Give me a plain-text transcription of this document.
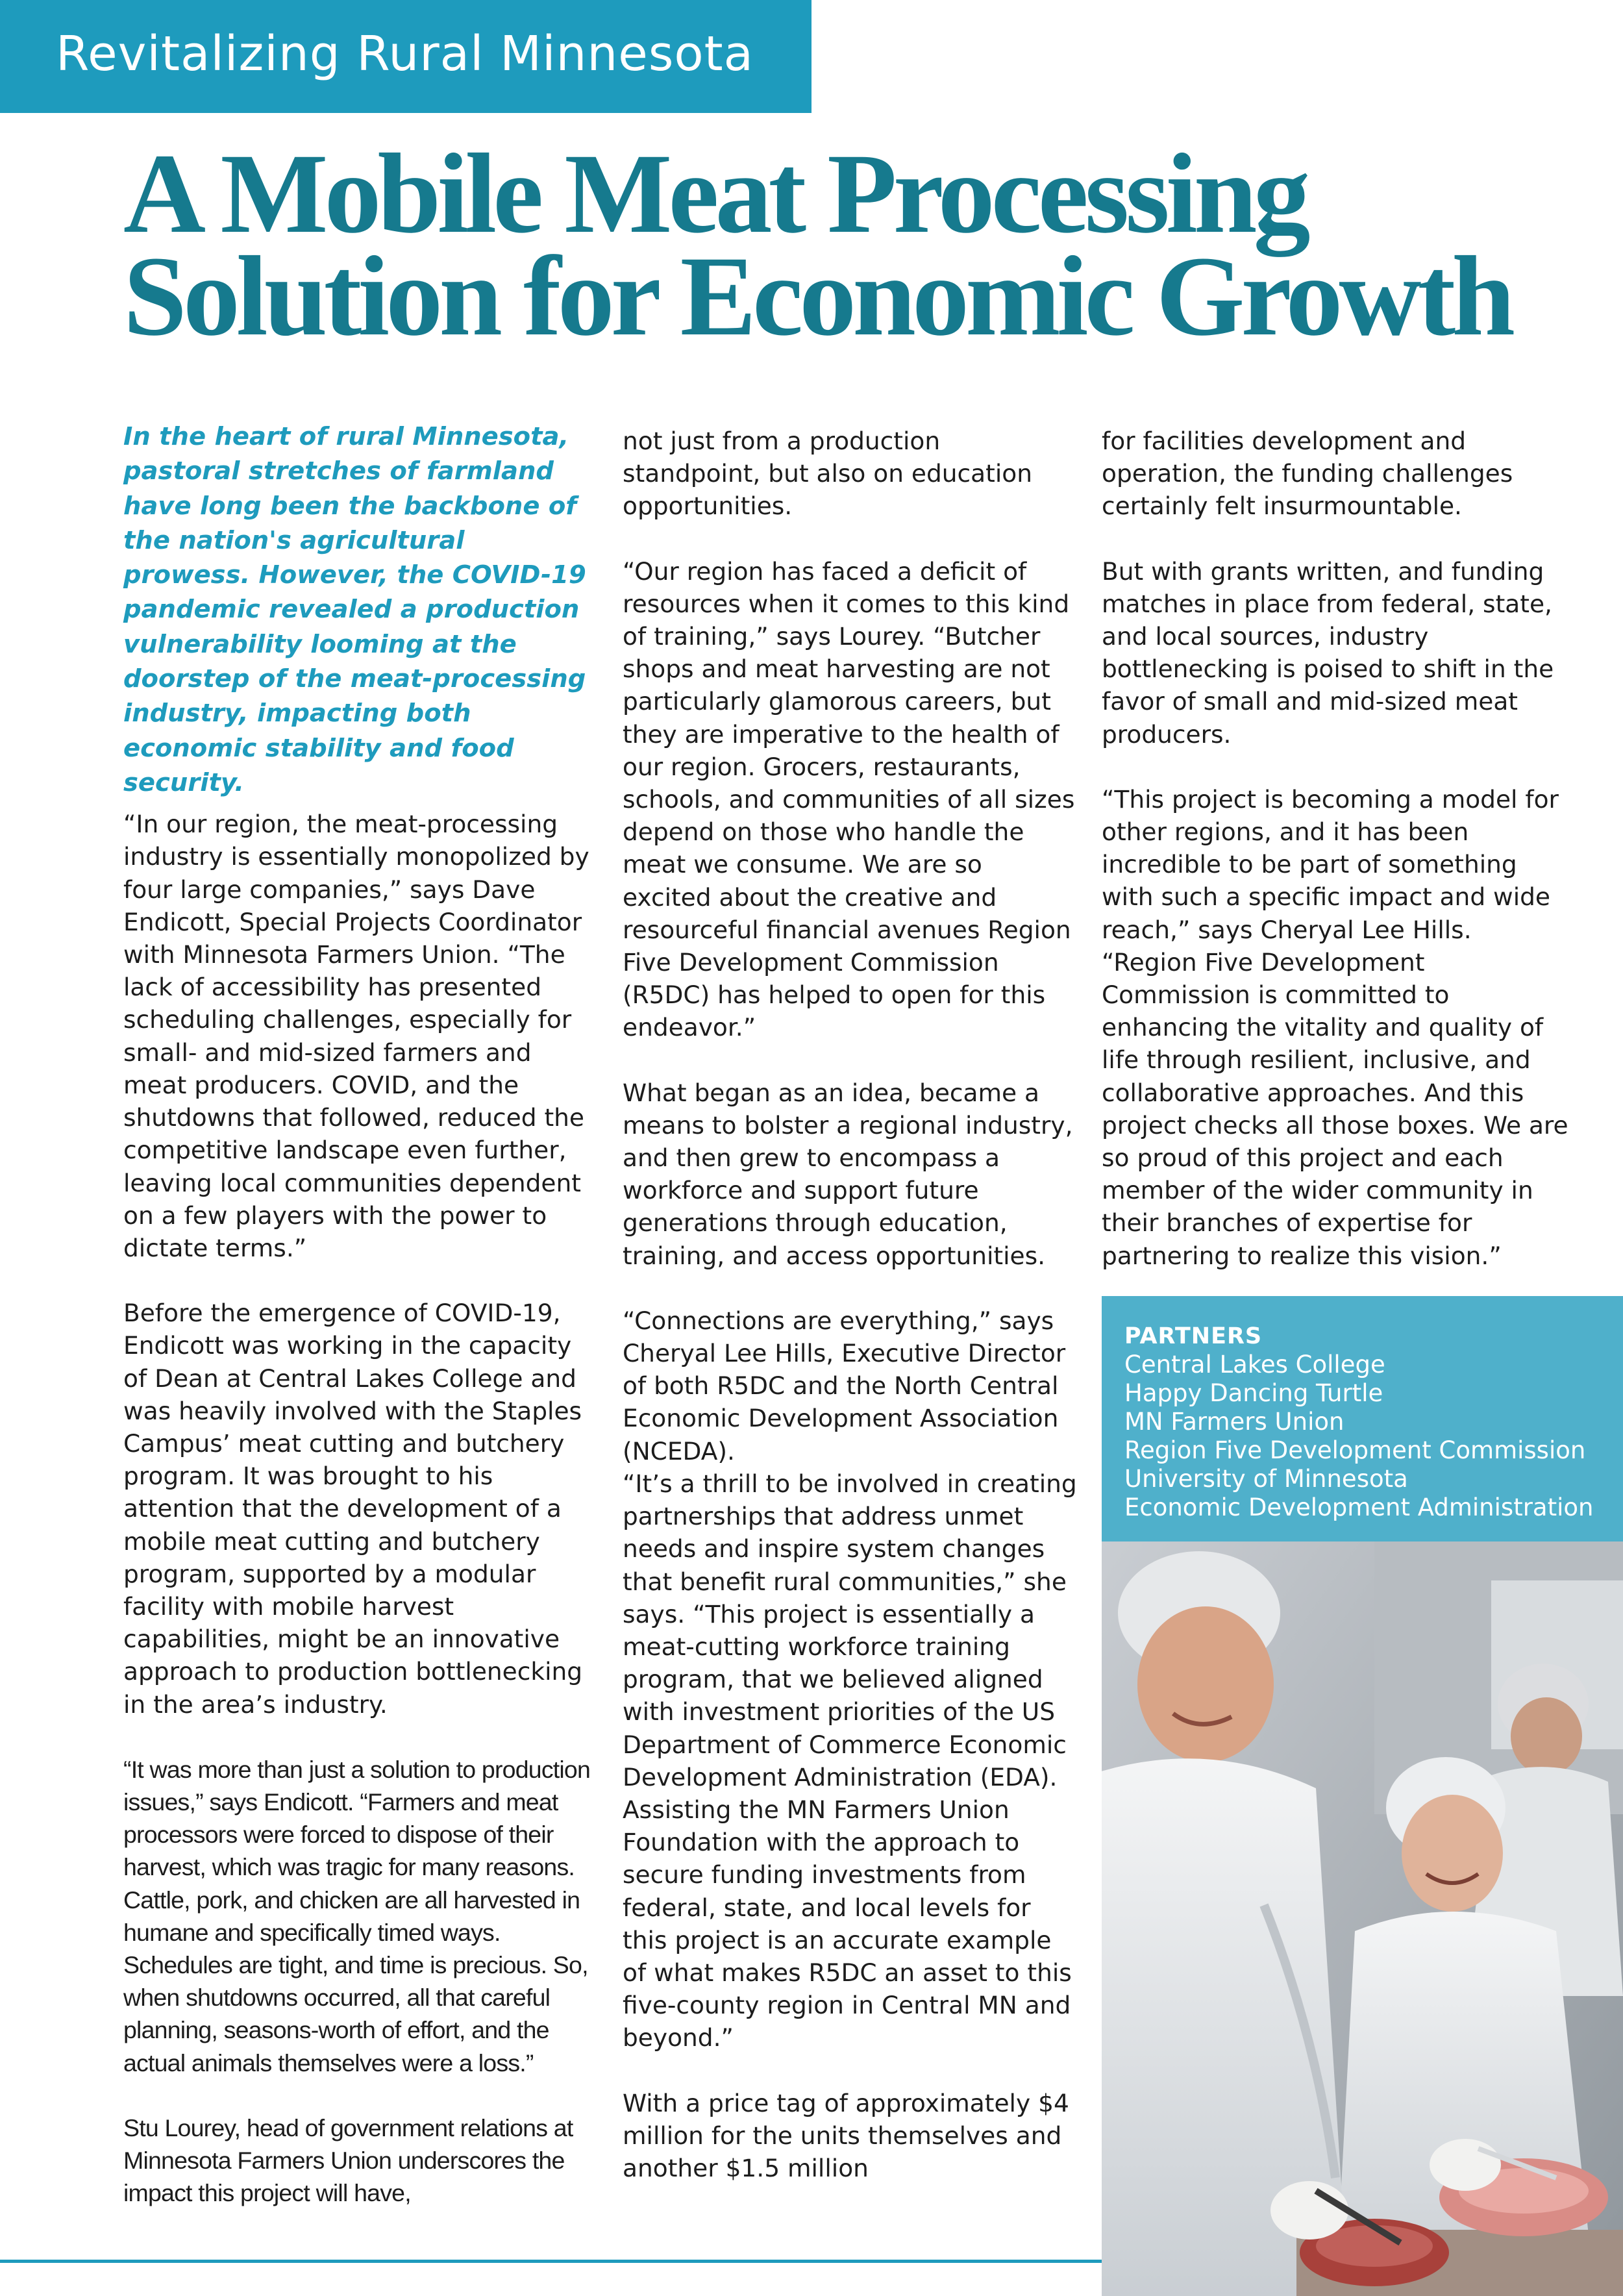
Revitalizing Rural Minnesota
A Mobile Meat Processing
Solution for Economic Growth

In the heart of rural Minnesota, pastoral stretches of farmland have long been the backbone of the nation's agricultural prowess. However, the COVID-19 pandemic revealed a production vulnerability looming at the doorstep of the meat-processing industry, impacting both economic stability and food security.

“In our region, the meat-processing industry is essentially monopolized by four large companies,” says Dave Endicott, Special Projects Coordinator with Minnesota Farmers Union. “The lack of accessibility has presented scheduling challenges, especially for small- and mid-sized farmers and meat producers. COVID, and the shutdowns that followed, reduced the competitive landscape even further, leaving local communities dependent on a few players with the power to dictate terms.”

Before the emergence of COVID-19, Endicott was working in the capacity of Dean at Central Lakes College and was heavily involved with the Staples Campus’ meat cutting and butchery program. It was brought to his attention that the development of a mobile meat cutting and butchery program, supported by a modular facility with mobile harvest capabilities, might be an innovative approach to production bottlenecking in the area’s industry.

“It was more than just a solution to production issues,” says Endicott. “Farmers and meat processors were forced to dispose of their harvest, which was tragic for many reasons. Cattle, pork, and chicken are all harvested in humane and specifically timed ways. Schedules are tight, and time is precious. So, when shutdowns occurred, all that careful planning, seasons-worth of effort, and the actual animals themselves were a loss.”

Stu Lourey, head of government relations at Minnesota Farmers Union underscores the impact this project will have,

not just from a production standpoint, but also on education opportunities.

“Our region has faced a deficit of resources when it comes to this kind of training,” says Lourey. “Butcher shops and meat harvesting are not particularly glamorous careers, but they are imperative to the health of our region. Grocers, restaurants, schools, and communities of all sizes depend on those who handle the meat we consume. We are so excited about the creative and resourceful financial avenues Region Five Development Commission (R5DC) has helped to open for this endeavor.”

What began as an idea, became a means to bolster a regional industry, and then grew to encompass a workforce and support future generations through education, training, and access opportunities.

“Connections are everything,” says Cheryal Lee Hills, Executive Director of both R5DC and the North Central Economic Development Association (NCEDA).

“It’s a thrill to be involved in creating partnerships that address unmet needs and inspire system changes that benefit rural communities,” she says. “This project is essentially a meat-cutting workforce training program, that we believed aligned with investment priorities of the US Department of Commerce Economic Development Administration (EDA). Assisting the MN Farmers Union Foundation with the approach to secure funding investments from federal, state, and local levels for this project is an accurate example of what makes R5DC an asset to this five-county region in Central MN and beyond.”

With a price tag of approximately $4 million for the units themselves and another $1.5 million

for facilities development and operation, the funding challenges certainly felt insurmountable.

But with grants written, and funding matches in place from federal, state, and local sources, industry bottlenecking is poised to shift in the favor of small and mid-sized meat producers.

“This project is becoming a model for other regions, and it has been incredible to be part of something with such a specific impact and wide reach,” says Cheryal Lee Hills. “Region Five Development Commission is committed to enhancing the vitality and quality of life through resilient, inclusive, and collaborative approaches. And this project checks all those boxes. We are so proud of this project and each member of the wider community in their branches of expertise for partnering to realize this vision.”

PARTNERS
Central Lakes College
Happy Dancing Turtle
MN Farmers Union
Region Five Development Commission
University of Minnesota
Economic Development Administration
